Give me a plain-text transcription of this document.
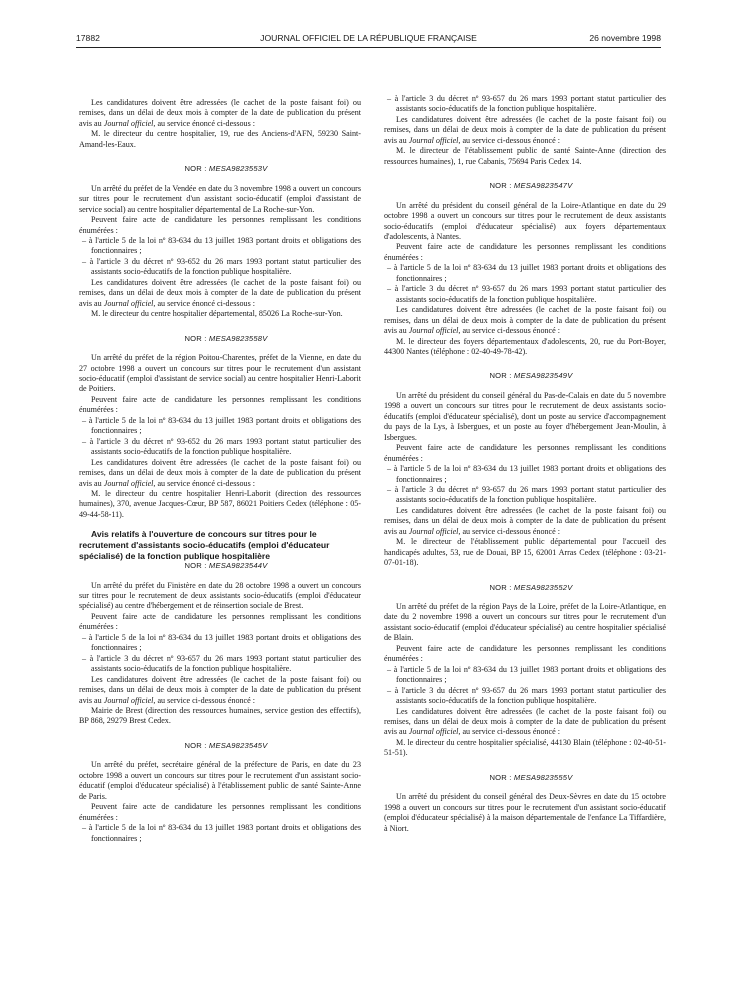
17882	JOURNAL OFFICIEL DE LA RÉPUBLIQUE FRANÇAISE	26 novembre 1998

Les candidatures doivent être adressées (le cachet de la poste faisant foi) ou remises, dans un délai de deux mois à compter de la date de publication du présent avis au Journal officiel, au service énoncé ci-dessous :

M. le directeur du centre hospitalier, 19, rue des Anciens-d'AFN, 59230 Saint-Amand-les-Eaux.

NOR : MESA9823553V

Un arrêté du préfet de la Vendée en date du 3 novembre 1998 a ouvert un concours sur titres pour le recrutement d'un assistant socio-éducatif (emploi d'assistant de service social) au centre hospitalier départemental de La Roche-sur-Yon.

Peuvent faire acte de candidature les personnes remplissant les conditions énumérées :

– à l'article 5 de la loi nº 83-634 du 13 juillet 1983 portant droits et obligations des fonctionnaires ;

– à l'article 3 du décret nº 93-652 du 26 mars 1993 portant statut particulier des assistants socio-éducatifs de la fonction publique hospitalière.

Les candidatures doivent être adressées (le cachet de la poste faisant foi) ou remises, dans un délai de deux mois à compter de la date de publication du présent avis au Journal officiel, au service énoncé ci-dessous :

M. le directeur du centre hospitalier départemental, 85026 La Roche-sur-Yon.

NOR : MESA9823558V

Un arrêté du préfet de la région Poitou-Charentes, préfet de la Vienne, en date du 27 octobre 1998 a ouvert un concours sur titres pour le recrutement d'un assistant socio-éducatif (emploi d'assistant de service social) au centre hospitalier Henri-Laborit de Poitiers.

Peuvent faire acte de candidature les personnes remplissant les conditions énumérées :

– à l'article 5 de la loi nº 83-634 du 13 juillet 1983 portant droits et obligations des fonctionnaires ;

– à l'article 3 du décret nº 93-652 du 26 mars 1993 portant statut particulier des assistants socio-éducatifs de la fonction publique hospitalière.

Les candidatures doivent être adressées (le cachet de la poste faisant foi) ou remises, dans un délai de deux mois à compter de la date de publication du présent avis au Journal officiel, au service énoncé ci-dessous :

M. le directeur du centre hospitalier Henri-Laborit (direction des ressources humaines), 370, avenue Jacques-Cœur, BP 587, 86021 Poitiers Cedex (téléphone : 05-49-44-58-11).

Avis relatifs à l'ouverture de concours sur titres pour le recrutement d'assistants socio-éducatifs (emploi d'éducateur spécialisé) de la fonction publique hospitalière

NOR : MESA9823544V

Un arrêté du préfet du Finistère en date du 28 octobre 1998 a ouvert un concours sur titres pour le recrutement de deux assistants socio-éducatifs (emploi d'éducateur spécialisé) au centre d'hébergement et de réinsertion sociale de Brest.

Peuvent faire acte de candidature les personnes remplissant les conditions énumérées :

– à l'article 5 de la loi nº 83-634 du 13 juillet 1983 portant droits et obligations des fonctionnaires ;

– à l'article 3 du décret nº 93-657 du 26 mars 1993 portant statut particulier des assistants socio-éducatifs de la fonction publique hospitalière.

Les candidatures doivent être adressées (le cachet de la poste faisant foi) ou remises, dans un délai de deux mois à compter de la date de publication du présent avis au Journal officiel, au service ci-dessous énoncé :

Mairie de Brest (direction des ressources humaines, service gestion des effectifs), BP 868, 29279 Brest Cedex.

NOR : MESA9823545V

Un arrêté du préfet, secrétaire général de la préfecture de Paris, en date du 23 octobre 1998 a ouvert un concours sur titres pour le recrutement d'un assistant socio-éducatif (emploi d'éducateur spécialisé) à l'établissement public de santé Sainte-Anne de Paris.

Peuvent faire acte de candidature les personnes remplissant les conditions énumérées :

– à l'article 5 de la loi nº 83-634 du 13 juillet 1983 portant droits et obligations des fonctionnaires ;

– à l'article 3 du décret nº 93-657 du 26 mars 1993 portant statut particulier des assistants socio-éducatifs de la fonction publique hospitalière.

Les candidatures doivent être adressées (le cachet de la poste faisant foi) ou remises, dans un délai de deux mois à compter de la date de publication du présent avis au Journal officiel, au service ci-dessous énoncé :

M. le directeur de l'établissement public de santé Sainte-Anne (direction des ressources humaines), 1, rue Cabanis, 75694 Paris Cedex 14.

NOR : MESA9823547V

Un arrêté du président du conseil général de la Loire-Atlantique en date du 29 octobre 1998 a ouvert un concours sur titres pour le recrutement de deux assistants socio-éducatifs (emploi d'éducateur spécialisé) aux foyers départementaux d'adolescents, à Nantes.

Peuvent faire acte de candidature les personnes remplissant les conditions énumérées :

– à l'article 5 de la loi nº 83-634 du 13 juillet 1983 portant droits et obligations des fonctionnaires ;

– à l'article 3 du décret nº 93-657 du 26 mars 1993 portant statut particulier des assistants socio-éducatifs de la fonction publique hospitalière.

Les candidatures doivent être adressées (le cachet de la poste faisant foi) ou remises, dans un délai de deux mois à compter de la date de publication du présent avis au Journal officiel, au service ci-dessous énoncé :

M. le directeur des foyers départementaux d'adolescents, 20, rue du Port-Boyer, 44300 Nantes (téléphone : 02-40-49-78-42).

NOR : MESA9823549V

Un arrêté du président du conseil général du Pas-de-Calais en date du 5 novembre 1998 a ouvert un concours sur titres pour le recrutement de deux assistants socio-éducatifs (emploi d'éducateur spécialisé), dont un poste au service d'accompagnement du pays de la Lys, à Isbergues, et un poste au foyer d'hébergement Jean-Moulin, à Isbergues.

Peuvent faire acte de candidature les personnes remplissant les conditions énumérées :

– à l'article 5 de la loi nº 83-634 du 13 juillet 1983 portant droits et obligations des fonctionnaires ;

– à l'article 3 du décret nº 93-657 du 26 mars 1993 portant statut particulier des assistants socio-éducatifs de la fonction publique hospitalière.

Les candidatures doivent être adressées (le cachet de la poste faisant foi) ou remises, dans un délai de deux mois à compter de la date de publication du présent avis au Journal officiel, au service ci-dessous énoncé :

M. le directeur de l'établissement public départemental pour l'accueil des handicapés adultes, 53, rue de Douai, BP 15, 62001 Arras Cedex (téléphone : 03-21-07-01-18).

NOR : MESA9823552V

Un arrêté du préfet de la région Pays de la Loire, préfet de la Loire-Atlantique, en date du 2 novembre 1998 a ouvert un concours sur titres pour le recrutement d'un assistant socio-éducatif (emploi d'éducateur spécialisé) au centre hospitalier spécialisé de Blain.

Peuvent faire acte de candidature les personnes remplissant les conditions énumérées :

– à l'article 5 de la loi nº 83-634 du 13 juillet 1983 portant droits et obligations des fonctionnaires ;

– à l'article 3 du décret nº 93-657 du 26 mars 1993 portant statut particulier des assistants socio-éducatifs de la fonction publique hospitalière.

Les candidatures doivent être adressées (le cachet de la poste faisant foi) ou remises, dans un délai de deux mois à compter de la date de publication du présent avis au Journal officiel, au service ci-dessous énoncé :

M. le directeur du centre hospitalier spécialisé, 44130 Blain (téléphone : 02-40-51-51-51).

NOR : MESA9823555V

Un arrêté du président du conseil général des Deux-Sèvres en date du 15 octobre 1998 a ouvert un concours sur titres pour le recrutement d'un assistant socio-éducatif (emploi d'éducateur spécialisé) à la maison départementale de l'enfance La Tiffardière, à Niort.
